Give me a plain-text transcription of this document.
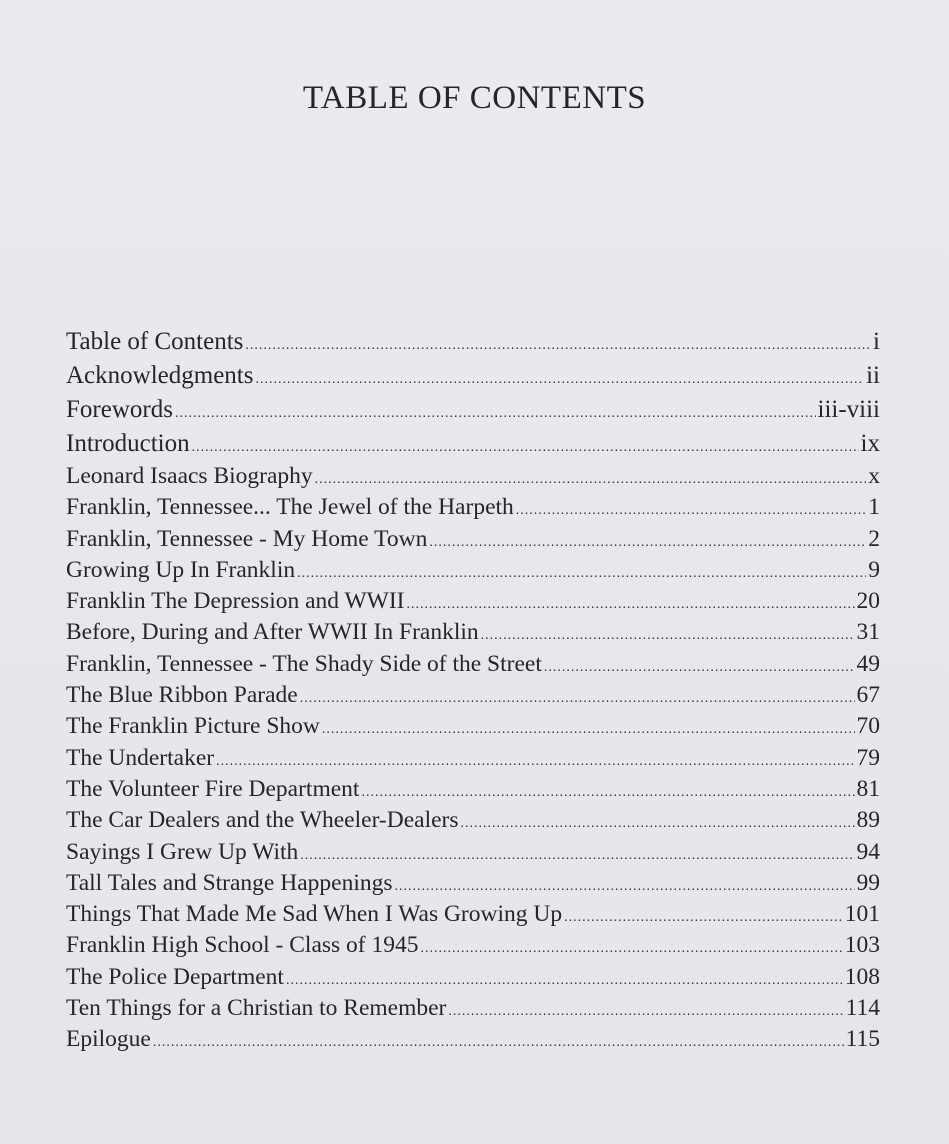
TABLE OF CONTENTS
Table of Contents .....	i
Acknowledgments .....	ii
Forewords .....	iii-viii
Introduction .....	ix
Leonard Isaacs Biography .....	x
Franklin, Tennessee... The Jewel of the Harpeth .....	1
Franklin, Tennessee - My Home Town .....	2
Growing Up In Franklin .....	9
Franklin The Depression and WWII .....	20
Before, During and After WWII In Franklin .....	31
Franklin, Tennessee - The Shady Side of the Street .....	49
The Blue Ribbon Parade .....	67
The Franklin Picture Show .....	70
The Undertaker .....	79
The Volunteer Fire Department .....	81
The Car Dealers and the Wheeler-Dealers .....	89
Sayings I Grew Up With .....	94
Tall Tales and Strange Happenings .....	99
Things That Made Me Sad When I Was Growing Up .....	101
Franklin High School - Class of 1945 .....	103
The Police Department .....	108
Ten Things for a Christian to Remember .....	114
Epilogue .....	115
